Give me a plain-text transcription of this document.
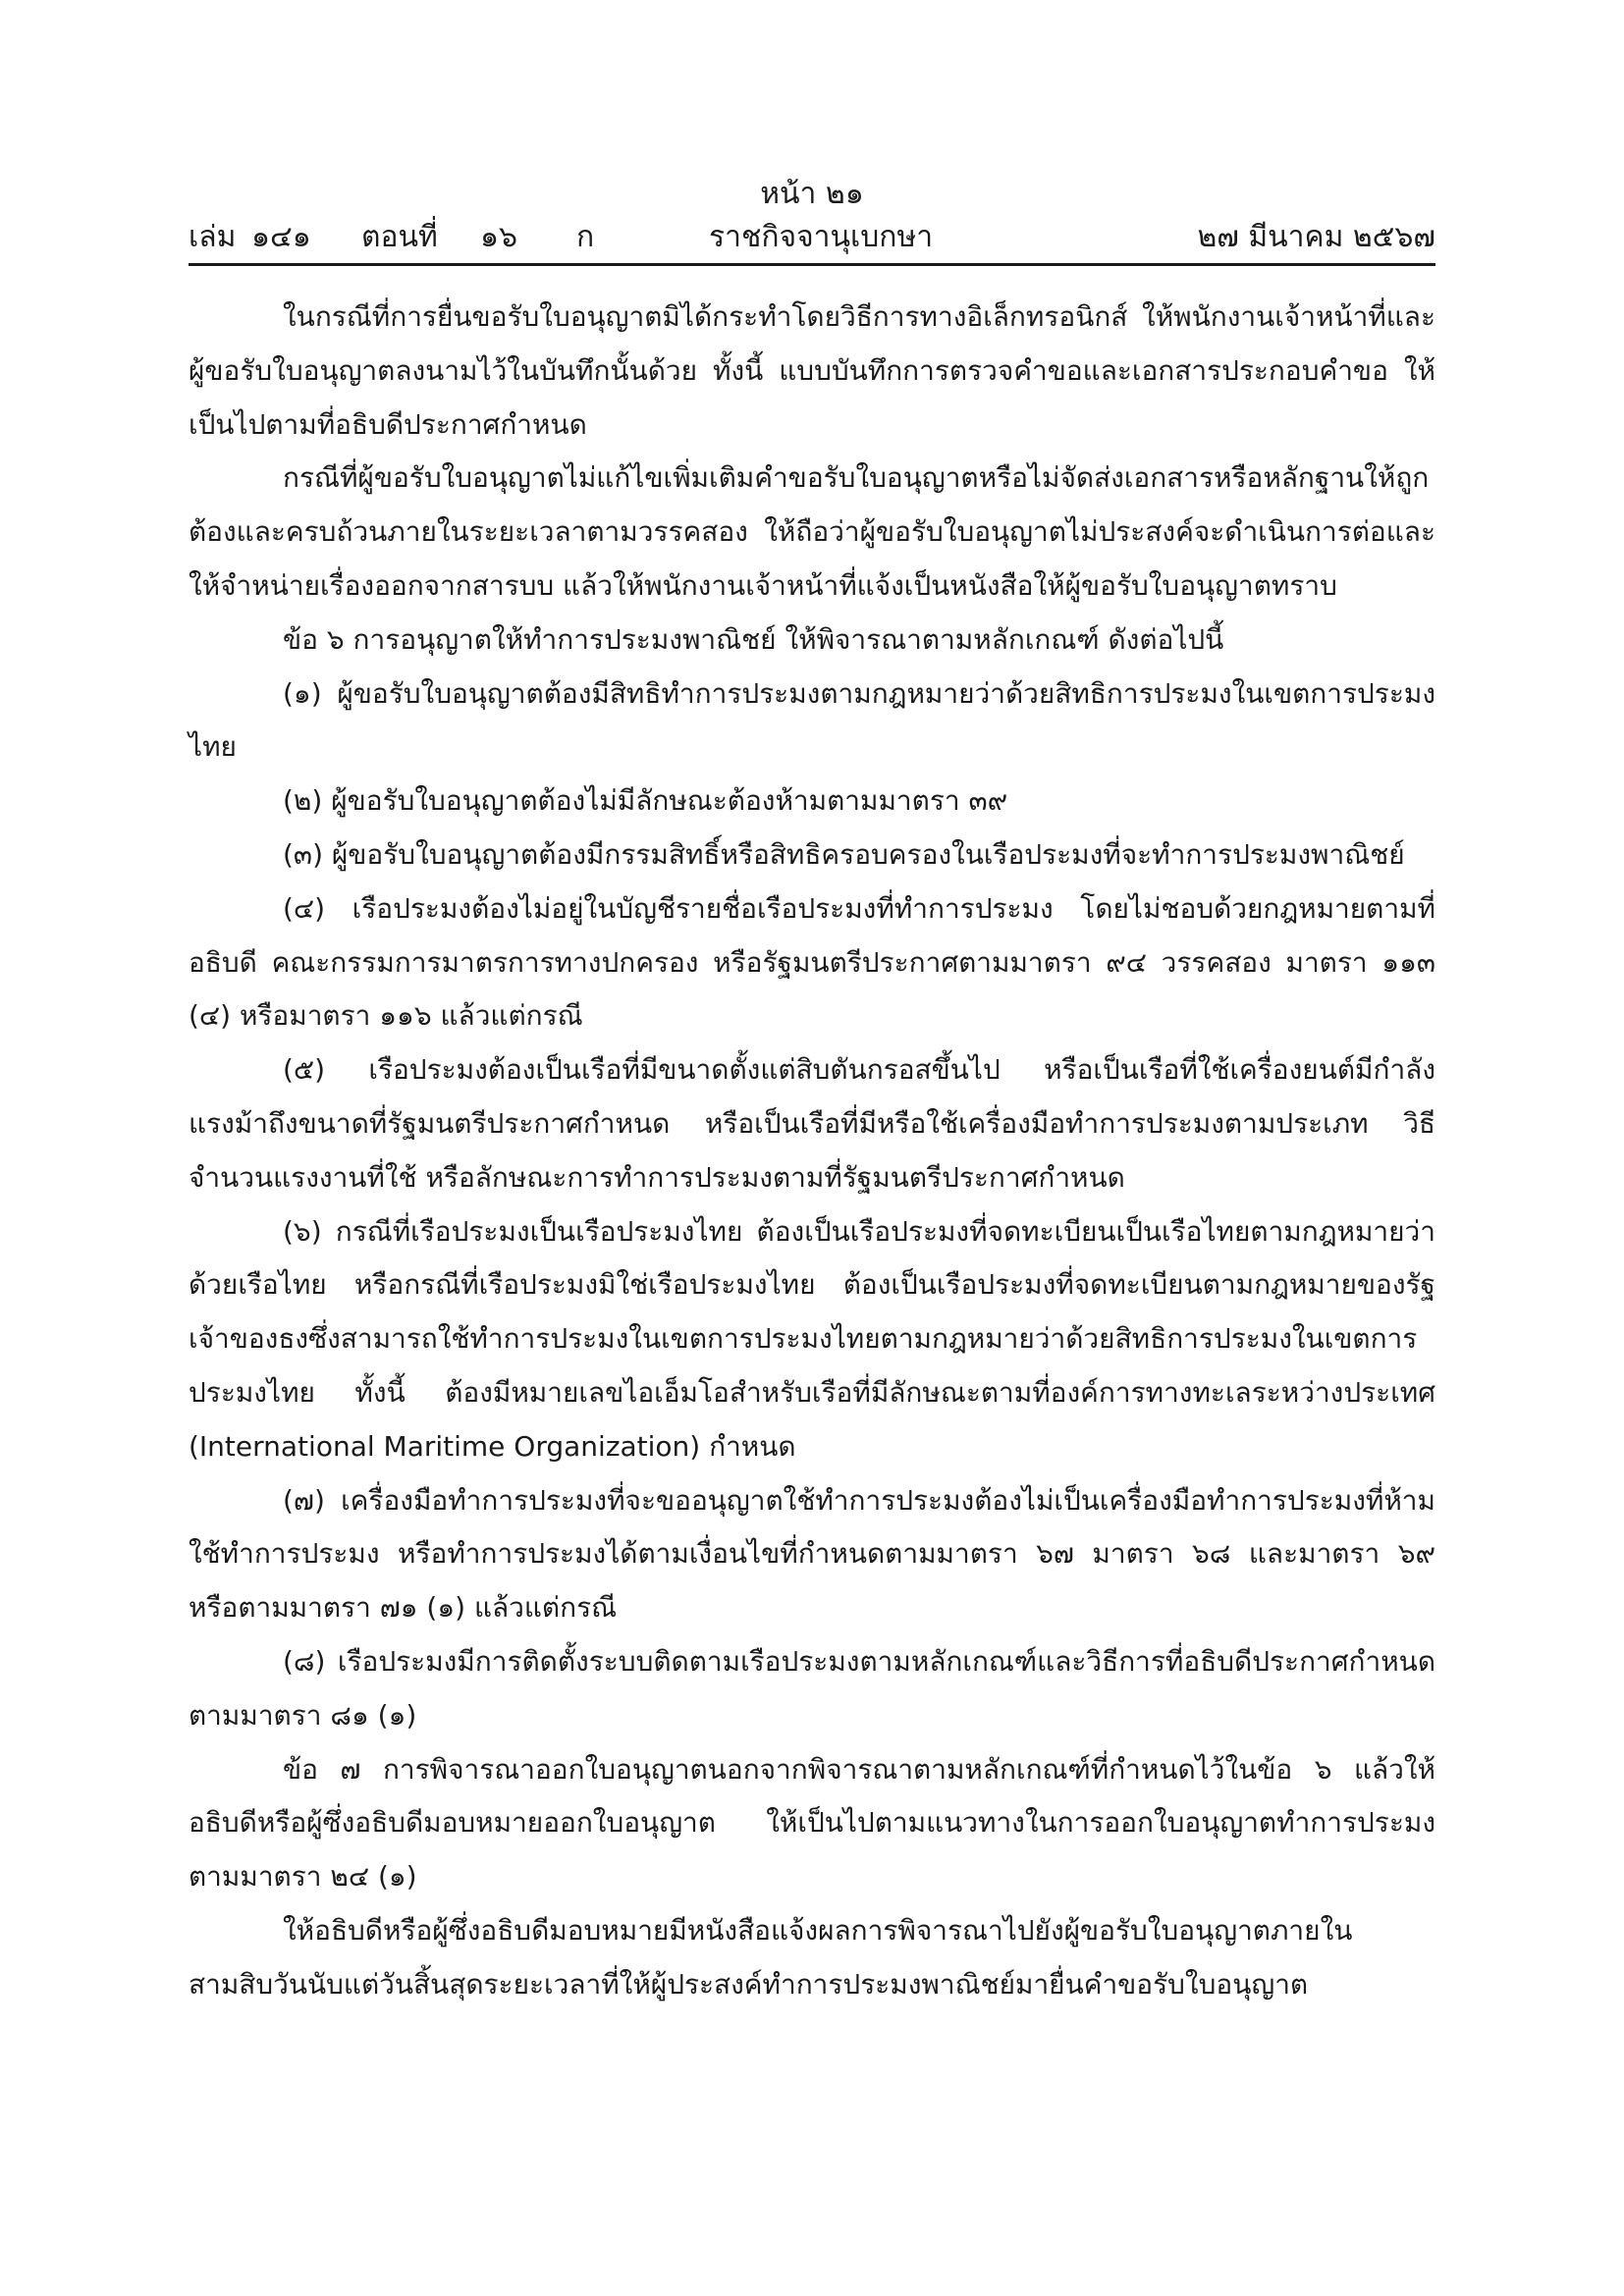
หน้า ๒๑
เล่ม ๑๔๑ ตอนที่ ๑๖ ก	ราชกิจจานุเบกษา	๒๗ มีนาคม ๒๕๖๗

ในกรณีที่การยื่นขอรับใบอนุญาตมิได้กระทำโดยวิธีการทางอิเล็กทรอนิกส์ ให้พนักงานเจ้าหน้าที่และผู้ขอรับใบอนุญาตลงนามไว้ในบันทึกนั้นด้วย ทั้งนี้ แบบบันทึกการตรวจคำขอและเอกสารประกอบคำขอ ให้เป็นไปตามที่อธิบดีประกาศกำหนด

กรณีที่ผู้ขอรับใบอนุญาตไม่แก้ไขเพิ่มเติมคำขอรับใบอนุญาตหรือไม่จัดส่งเอกสารหรือหลักฐานให้ถูกต้องและครบถ้วนภายในระยะเวลาตามวรรคสอง ให้ถือว่าผู้ขอรับใบอนุญาตไม่ประสงค์จะดำเนินการต่อและให้จำหน่ายเรื่องออกจากสารบบ แล้วให้พนักงานเจ้าหน้าที่แจ้งเป็นหนังสือให้ผู้ขอรับใบอนุญาตทราบ

ข้อ ๖ การอนุญาตให้ทำการประมงพาณิชย์ ให้พิจารณาตามหลักเกณฑ์ ดังต่อไปนี้

(๑) ผู้ขอรับใบอนุญาตต้องมีสิทธิทำการประมงตามกฎหมายว่าด้วยสิทธิการประมงในเขตการประมงไทย

(๒) ผู้ขอรับใบอนุญาตต้องไม่มีลักษณะต้องห้ามตามมาตรา ๓๙

(๓) ผู้ขอรับใบอนุญาตต้องมีกรรมสิทธิ์หรือสิทธิครอบครองในเรือประมงที่จะทำการประมงพาณิชย์

(๔) เรือประมงต้องไม่อยู่ในบัญชีรายชื่อเรือประมงที่ทำการประมง โดยไม่ชอบด้วยกฎหมายตามที่อธิบดี คณะกรรมการมาตรการทางปกครอง หรือรัฐมนตรีประกาศตามมาตรา ๙๔ วรรคสอง มาตรา ๑๑๓ (๔) หรือมาตรา ๑๑๖ แล้วแต่กรณี

(๕) เรือประมงต้องเป็นเรือที่มีขนาดตั้งแต่สิบตันกรอสขึ้นไป หรือเป็นเรือที่ใช้เครื่องยนต์มีกำลังแรงม้าถึงขนาดที่รัฐมนตรีประกาศกำหนด หรือเป็นเรือที่มีหรือใช้เครื่องมือทำการประมงตามประเภท วิธี จำนวนแรงงานที่ใช้ หรือลักษณะการทำการประมงตามที่รัฐมนตรีประกาศกำหนด

(๖) กรณีที่เรือประมงเป็นเรือประมงไทย ต้องเป็นเรือประมงที่จดทะเบียนเป็นเรือไทยตามกฎหมายว่าด้วยเรือไทย หรือกรณีที่เรือประมงมิใช่เรือประมงไทย ต้องเป็นเรือประมงที่จดทะเบียนตามกฎหมายของรัฐเจ้าของธงซึ่งสามารถใช้ทำการประมงในเขตการประมงไทยตามกฎหมายว่าด้วยสิทธิการประมงในเขตการประมงไทย ทั้งนี้ ต้องมีหมายเลขไอเอ็มโอสำหรับเรือที่มีลักษณะตามที่องค์การทางทะเลระหว่างประเทศ (International Maritime Organization) กำหนด

(๗) เครื่องมือทำการประมงที่จะขออนุญาตใช้ทำการประมงต้องไม่เป็นเครื่องมือทำการประมงที่ห้ามใช้ทำการประมง หรือทำการประมงได้ตามเงื่อนไขที่กำหนดตามมาตรา ๖๗ มาตรา ๖๘ และมาตรา ๖๙ หรือตามมาตรา ๗๑ (๑) แล้วแต่กรณี

(๘) เรือประมงมีการติดตั้งระบบติดตามเรือประมงตามหลักเกณฑ์และวิธีการที่อธิบดีประกาศกำหนดตามมาตรา ๘๑ (๑)

ข้อ ๗ การพิจารณาออกใบอนุญาตนอกจากพิจารณาตามหลักเกณฑ์ที่กำหนดไว้ในข้อ ๖ แล้วให้อธิบดีหรือผู้ซึ่งอธิบดีมอบหมายออกใบอนุญาต ให้เป็นไปตามแนวทางในการออกใบอนุญาตทำการประมงตามมาตรา ๒๔ (๑)

ให้อธิบดีหรือผู้ซึ่งอธิบดีมอบหมายมีหนังสือแจ้งผลการพิจารณาไปยังผู้ขอรับใบอนุญาตภายในสามสิบวันนับแต่วันสิ้นสุดระยะเวลาที่ให้ผู้ประสงค์ทำการประมงพาณิชย์มายื่นคำขอรับใบอนุญาต
